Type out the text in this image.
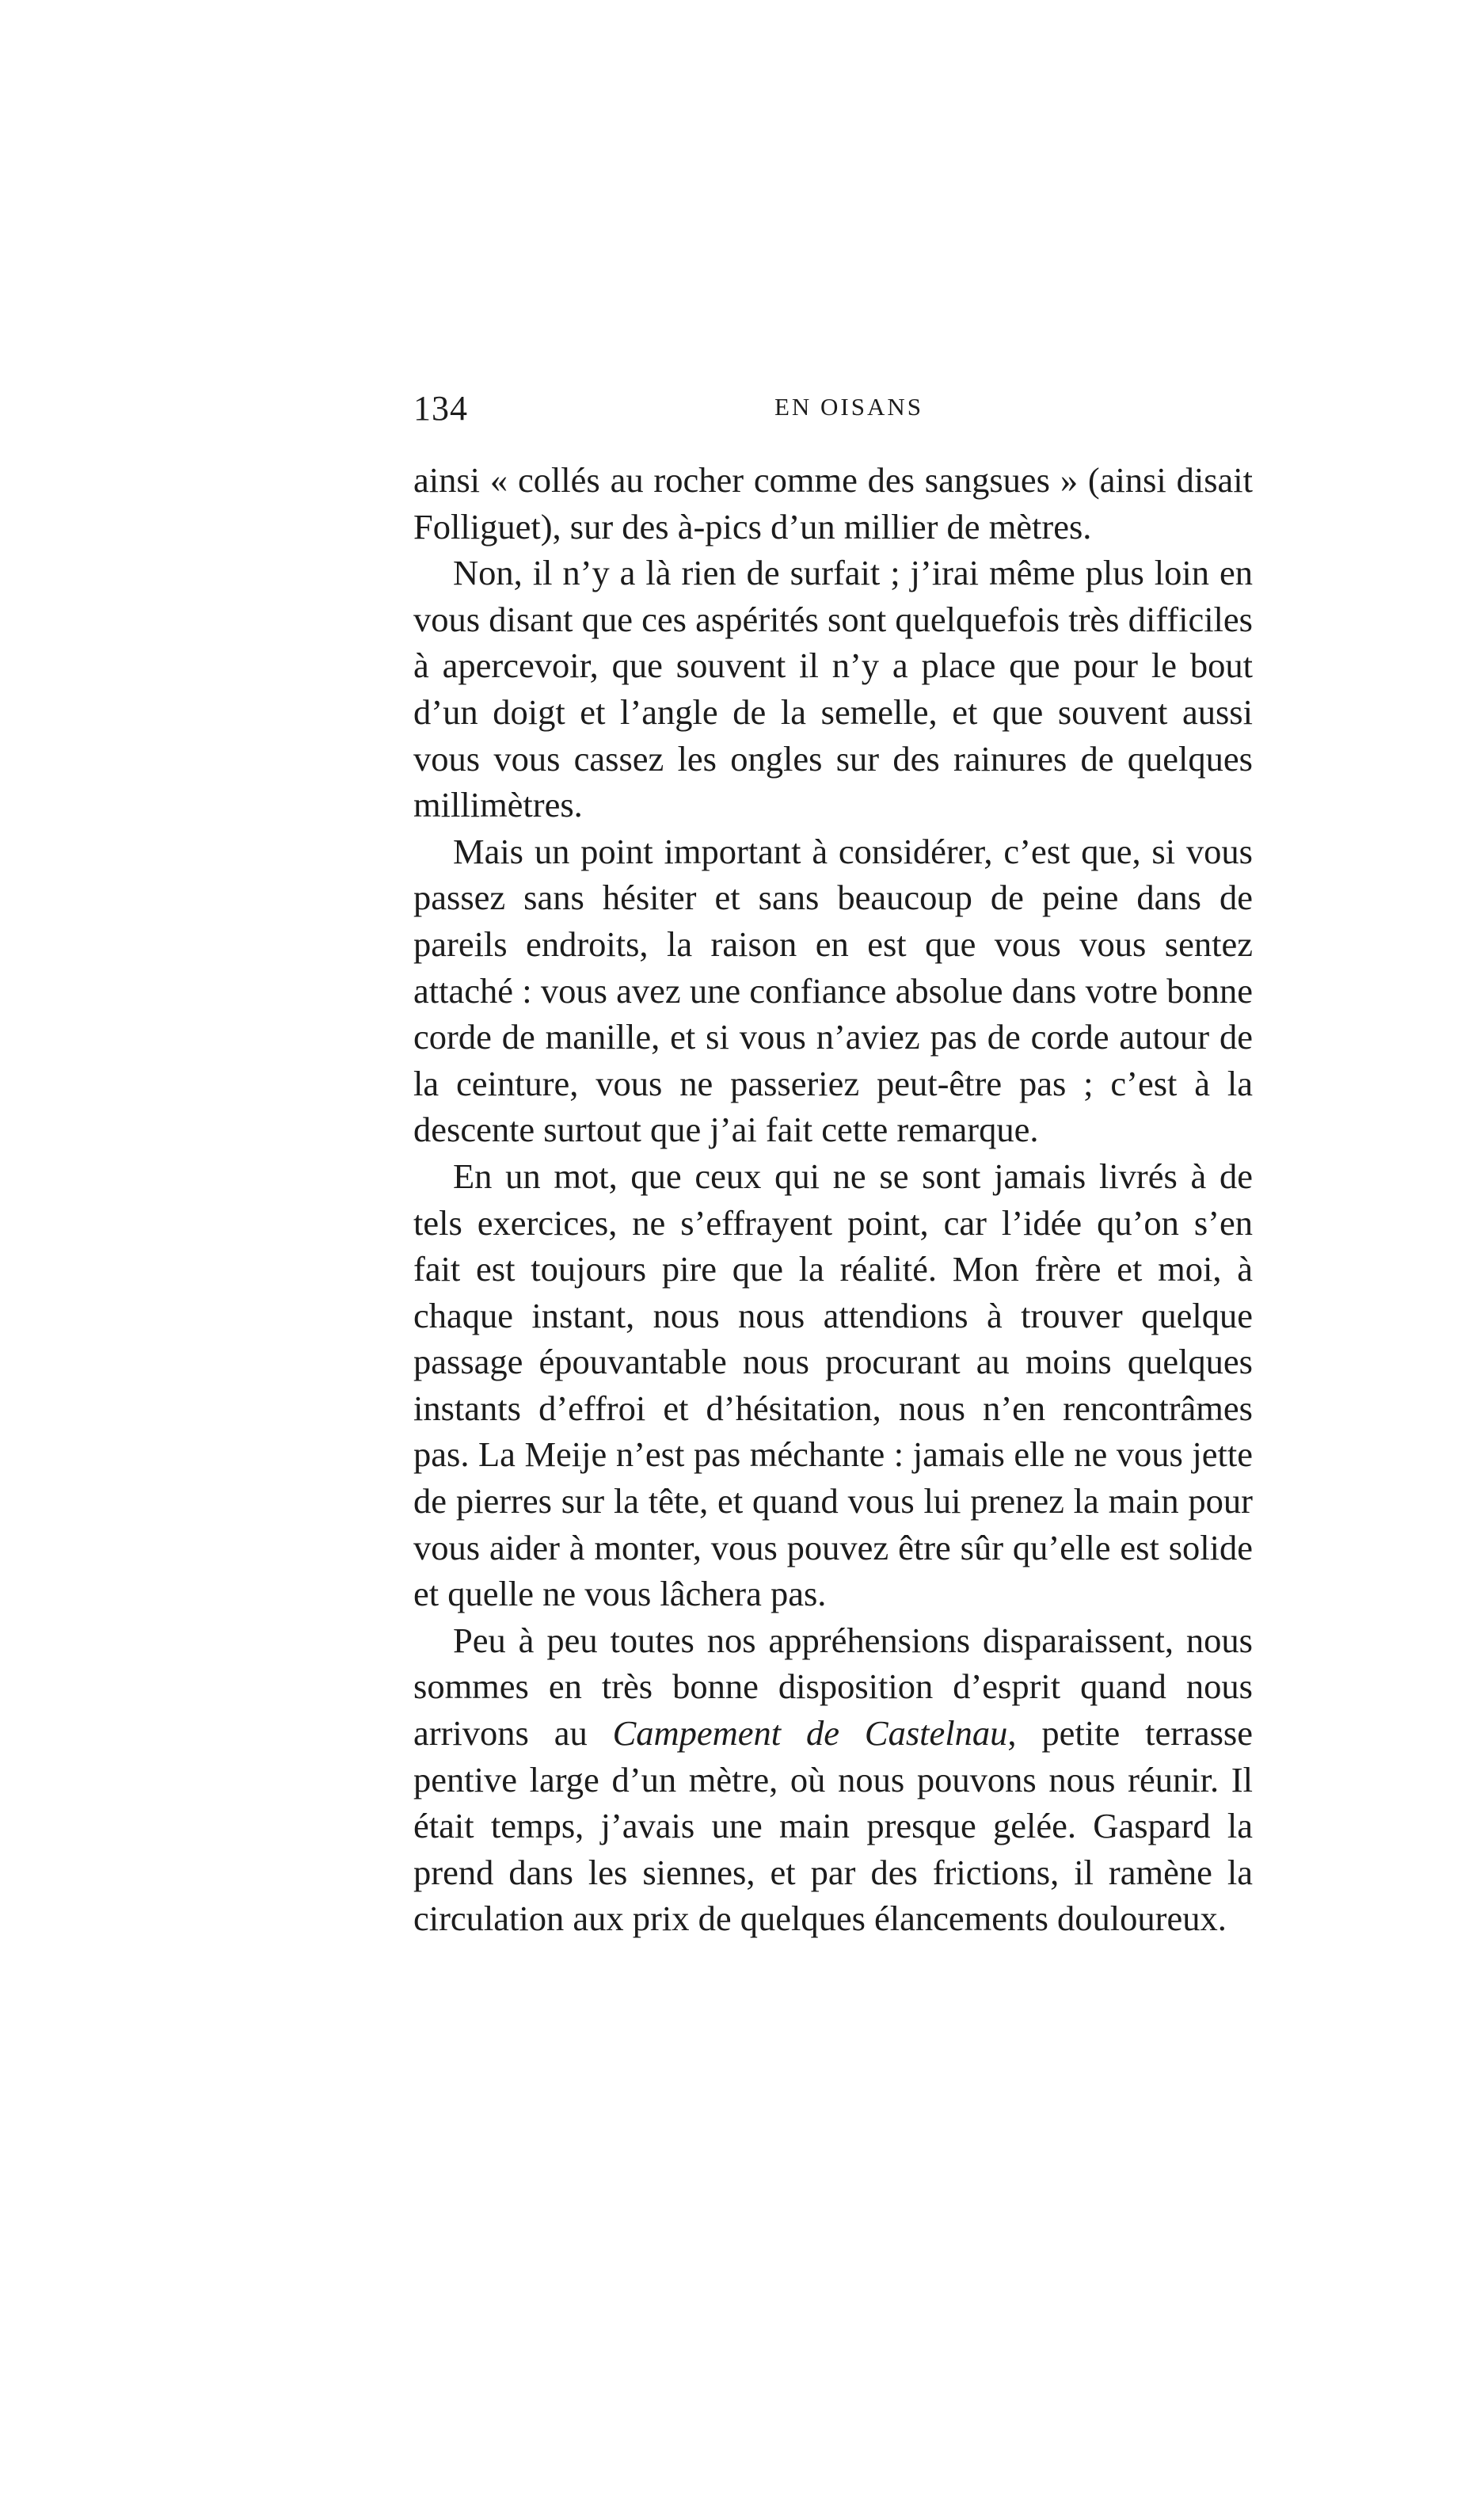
134	EN OISANS

ainsi « collés au rocher comme des sangsues » (ainsi disait Folliguet), sur des à-pics d’un millier de mètres.

Non, il n’y a là rien de surfait ; j’irai même plus loin en vous disant que ces aspérités sont quelquefois très difficiles à apercevoir, que souvent il n’y a place que pour le bout d’un doigt et l’angle de la semelle, et que souvent aussi vous vous cassez les ongles sur des rainures de quelques millimètres.

Mais un point important à considérer, c’est que, si vous passez sans hésiter et sans beaucoup de peine dans de pareils endroits, la raison en est que vous vous sentez attaché : vous avez une confiance absolue dans votre bonne corde de manille, et si vous n’aviez pas de corde autour de la ceinture, vous ne passeriez peut-être pas ; c’est à la descente surtout que j’ai fait cette remarque.

En un mot, que ceux qui ne se sont jamais livrés à de tels exercices, ne s’effrayent point, car l’idée qu’on s’en fait est toujours pire que la réalité. Mon frère et moi, à chaque instant, nous nous attendions à trouver quelque passage épouvantable nous procurant au moins quelques instants d’effroi et d’hésitation, nous n’en rencontrâmes pas. La Meije n’est pas méchante : jamais elle ne vous jette de pierres sur la tête, et quand vous lui prenez la main pour vous aider à monter, vous pouvez être sûr qu’elle est solide et quelle ne vous lâchera pas.

Peu à peu toutes nos appréhensions disparaissent, nous sommes en très bonne disposition d’esprit quand nous arrivons au Campement de Castelnau, petite terrasse pentive large d’un mètre, où nous pouvons nous réunir. Il était temps, j’avais une main presque gelée. Gaspard la prend dans les siennes, et par des frictions, il ramène la circulation aux prix de quelques élancements douloureux.
